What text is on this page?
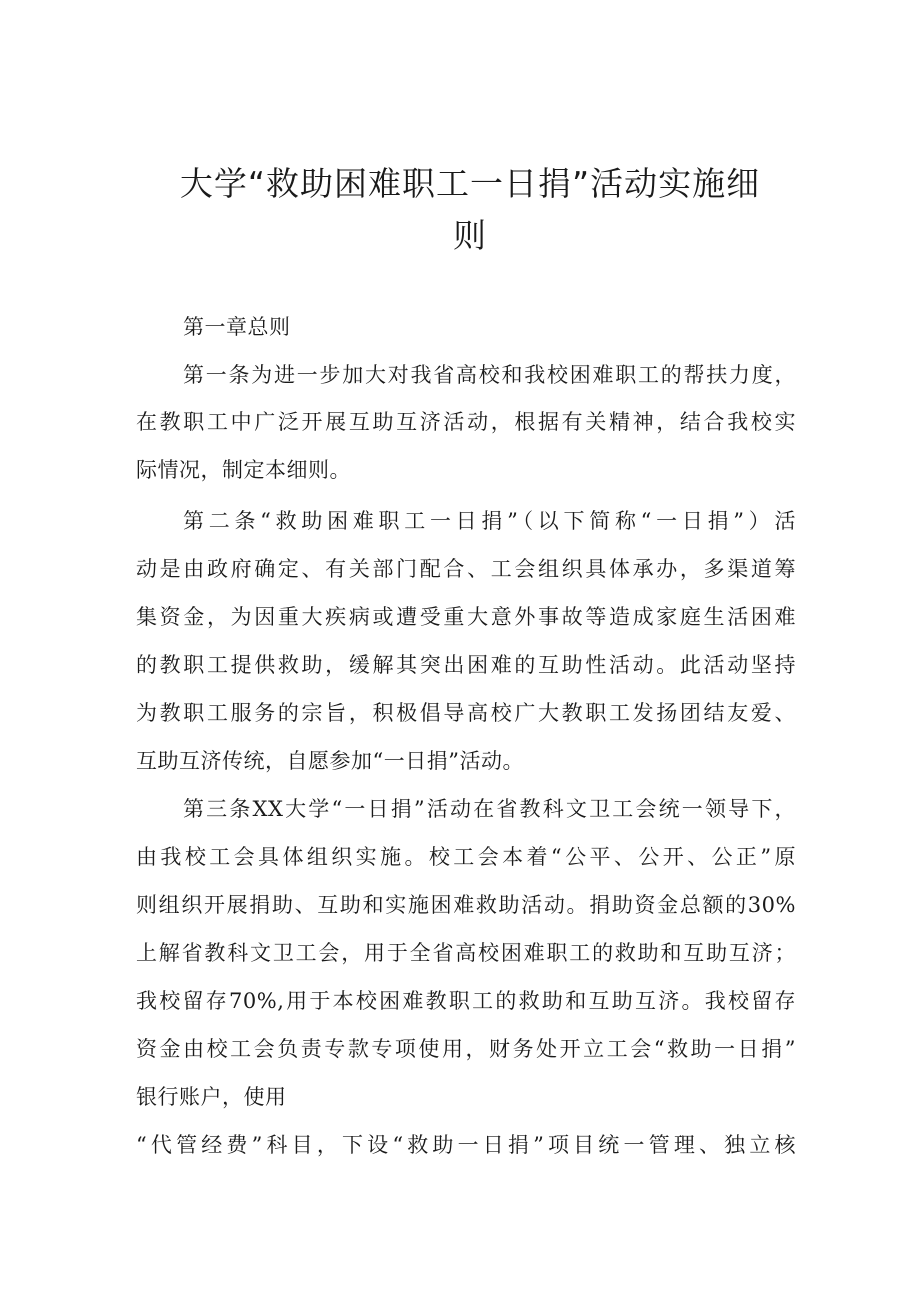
大学“救助困难职工一日捐”活动实施细
则
第一章总则
第一条为进一步加大对我省高校和我校困难职工的帮扶力度，
在教职工中广泛开展互助互济活动，根据有关精神，结合我校实
际情况，制定本细则。
第二条“救助困难职工一日捐”（以下简称“一日捐”）活
动是由政府确定、有关部门配合、工会组织具体承办，多渠道筹
集资金，为因重大疾病或遭受重大意外事故等造成家庭生活困难
的教职工提供救助，缓解其突出困难的互助性活动。此活动坚持
为教职工服务的宗旨，积极倡导高校广大教职工发扬团结友爱、
互助互济传统，自愿参加“一日捐”活动。
第三条XX大学“一日捐”活动在省教科文卫工会统一领导下，
由我校工会具体组织实施。校工会本着“公平、公开、公正”原
则组织开展捐助、互助和实施困难救助活动。捐助资金总额的30%
上解省教科文卫工会，用于全省高校困难职工的救助和互助互济；
我校留存70%,用于本校困难教职工的救助和互助互济。我校留存
资金由校工会负责专款专项使用，财务处开立工会“救助一日捐”
银行账户，使用
“代管经费”科目，下设“救助一日捐”项目统一管理、独立核
